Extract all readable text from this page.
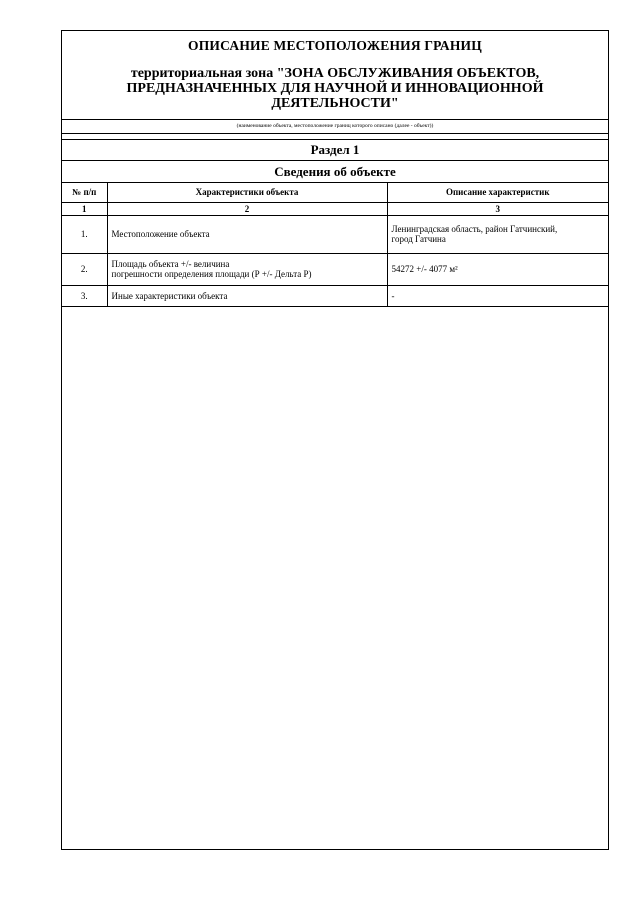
ОПИСАНИЕ МЕСТОПОЛОЖЕНИЯ ГРАНИЦ
территориальная зона "ЗОНА ОБСЛУЖИВАНИЯ ОБЪЕКТОВ,
ПРЕДНАЗНАЧЕННЫХ ДЛЯ НАУЧНОЙ И ИННОВАЦИОННОЙ
ДЕЯТЕЛЬНОСТИ"
(наименование объекта, местоположение границ которого описано (далее - объект))
Раздел 1
Сведения об объекте
№ п/п	Характеристики объекта	Описание характеристик
1	2	3
1.	Местоположение объекта	Ленинградская область, район Гатчинский,
город Гатчина

2.	Площадь объекта +/- величина
погрешности определения площади (Р +/- Дельта Р)	54272 +/- 4077 м²
3.	Иные характеристики объекта	-
